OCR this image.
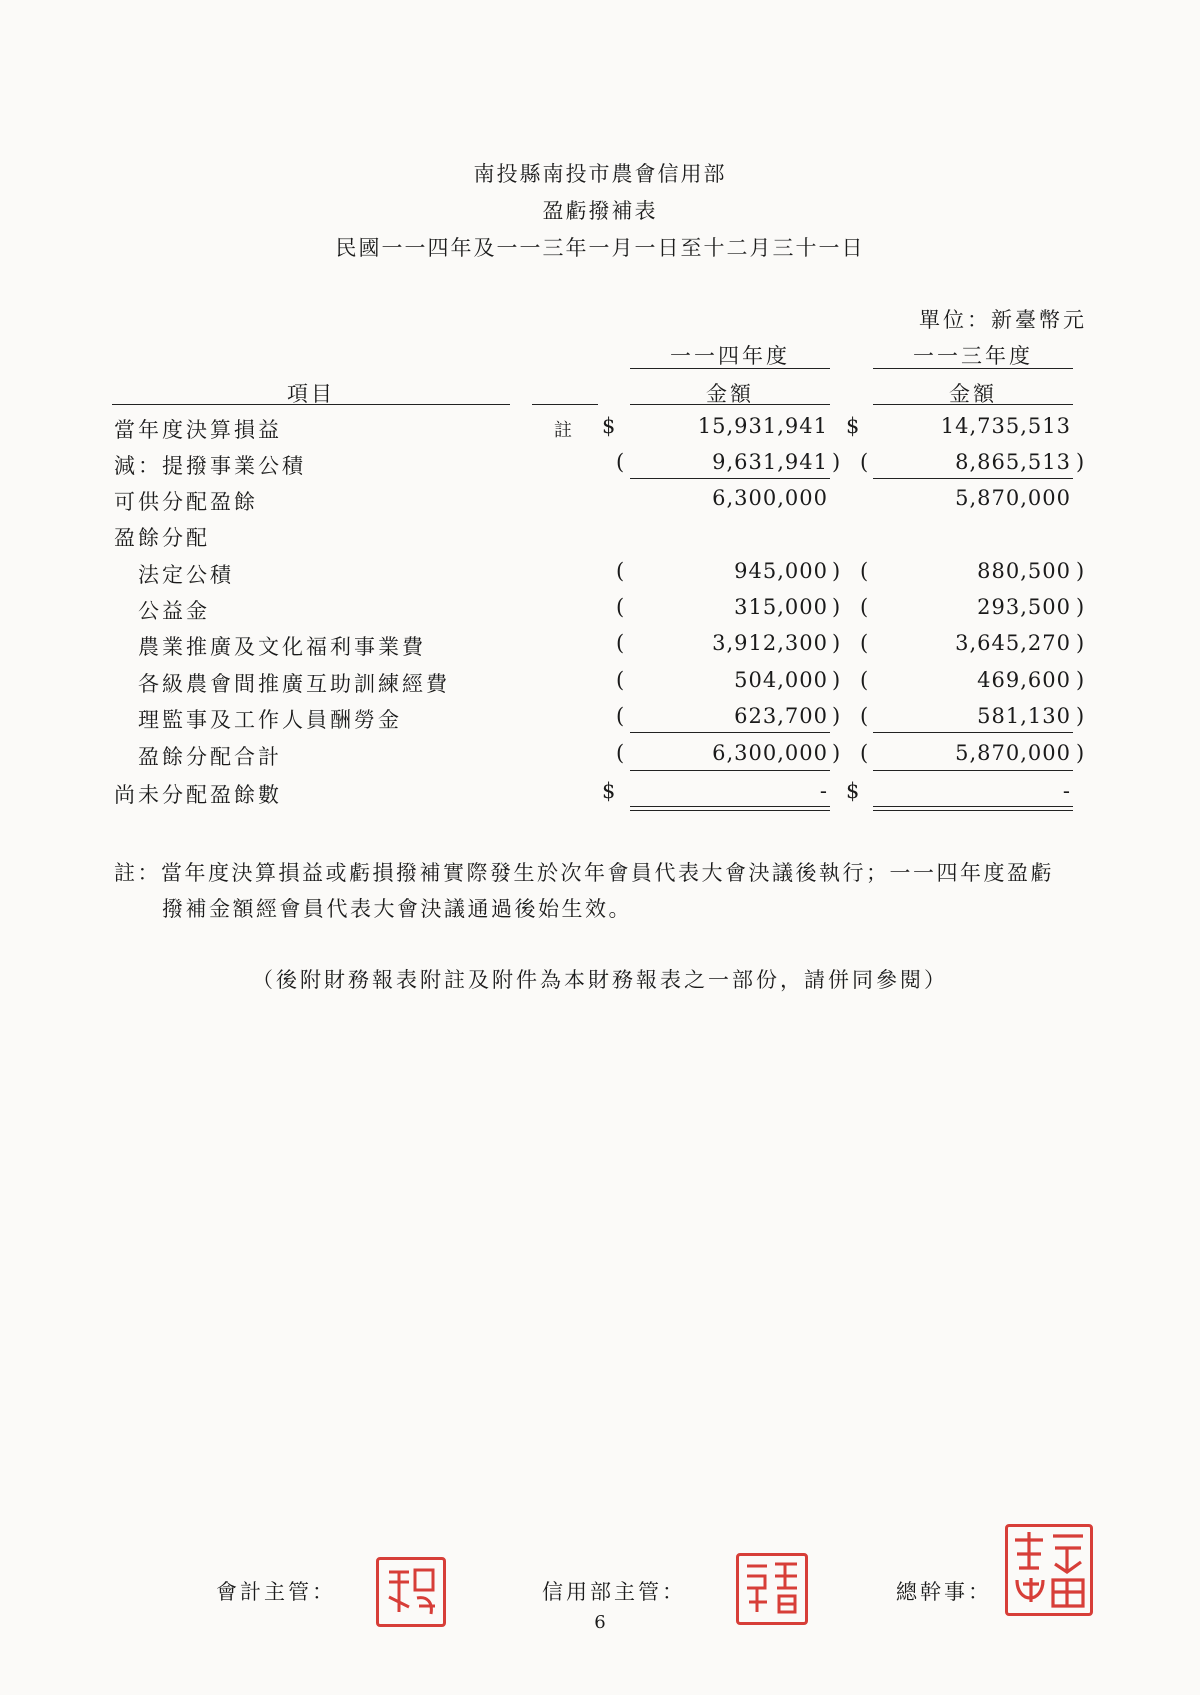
南投縣南投市農會信用部
盈虧撥補表
民國一一四年及一一三年一月一日至十二月三十一日
單位：新臺幣元
一一四年度	一一三年度
項目	金額	金額
當年度決算損益	註 $	15,931,941 $	14,735,513
減：提撥事業公積	(	9,631,941 ) (	8,865,513 )
可供分配盈餘	6,300,000	5,870,000
盈餘分配
法定公積	(	945,000 ) (	880,500 )
公益金	(	315,000 ) (	293,500 )
農業推廣及文化福利事業費	(	3,912,300 ) (	3,645,270 )
各級農會間推廣互助訓練經費	(	504,000 ) (	469,600 )
理監事及工作人員酬勞金	(	623,700 ) (	581,130 )
盈餘分配合計	(	6,300,000 ) (	5,870,000 )
尚未分配盈餘數	$	- $	-
註：當年度決算損益或虧損撥補實際發生於次年會員代表大會決議後執行；一一四年度盈虧
撥補金額經會員代表大會決議通過後始生效。
（後附財務報表附註及附件為本財務報表之一部份，請併同參閱）
會計主管：	信用部主管：	總幹事：
6
